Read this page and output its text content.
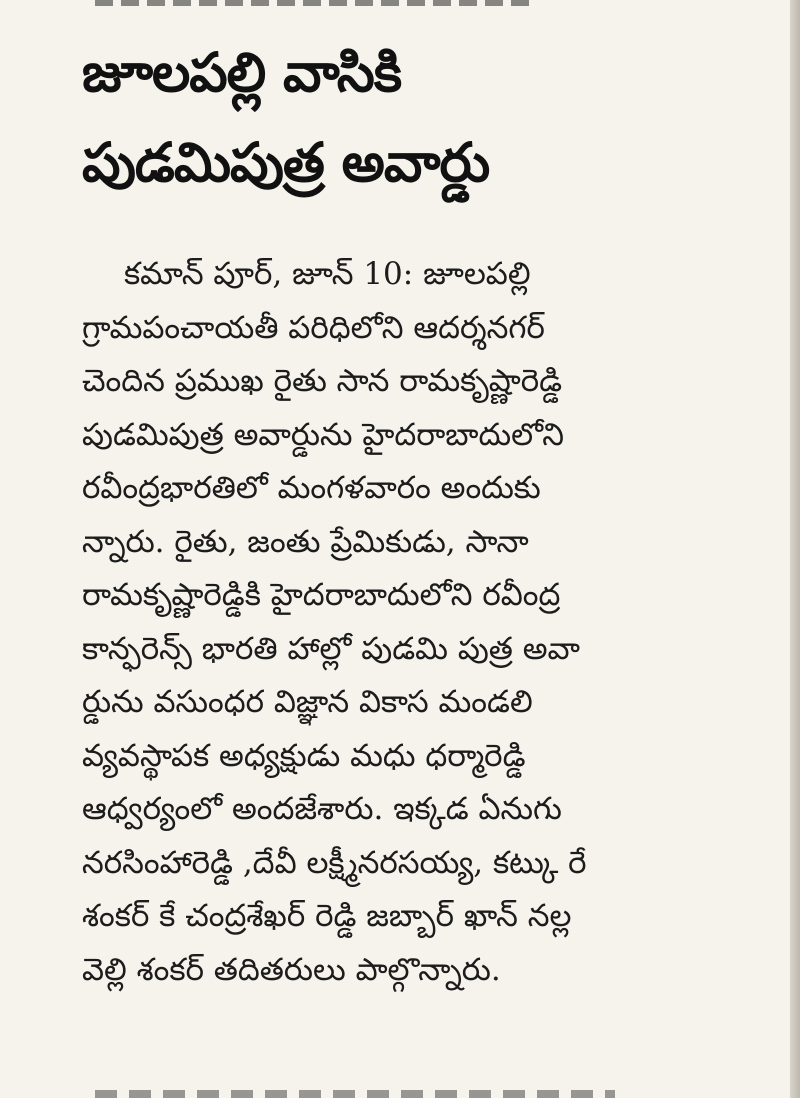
జూలపల్లి వాసికి
పుడమిపుత్ర అవార్డు
కమాన్ పూర్, జూన్ 10: జూలపల్లి
గ్రామపంచాయతీ పరిధిలోని ఆదర్శనగర్
చెందిన ప్రముఖ రైతు సాన రామకృష్ణారెడ్డి
పుడమిపుత్ర అవార్డును హైదరాబాదులోని
రవీంద్రభారతిలో మంగళవారం అందుకు
న్నారు. రైతు, జంతు ప్రేమికుడు, సానా
రామకృష్ణారెడ్డికి హైదరాబాదులోని రవీంద్ర
కాన్ఫరెన్స్ భారతి హాల్లో పుడమి పుత్ర అవా
ర్డును వసుంధర విజ్ఞాన వికాస మండలి
వ్యవస్థాపక అధ్యక్షుడు మధు ధర్మారెడ్డి
ఆధ్వర్యంలో అందజేశారు. ఇక్కడ ఏనుగు
నరసింహారెడ్డి ,దేవీ లక్ష్మీనరసయ్య, కట్కు రే
శంకర్ కే చంద్రశేఖర్ రెడ్డి జబ్బార్ ఖాన్ నల్ల
వెల్లి శంకర్ తదితరులు పాల్గొన్నారు.
